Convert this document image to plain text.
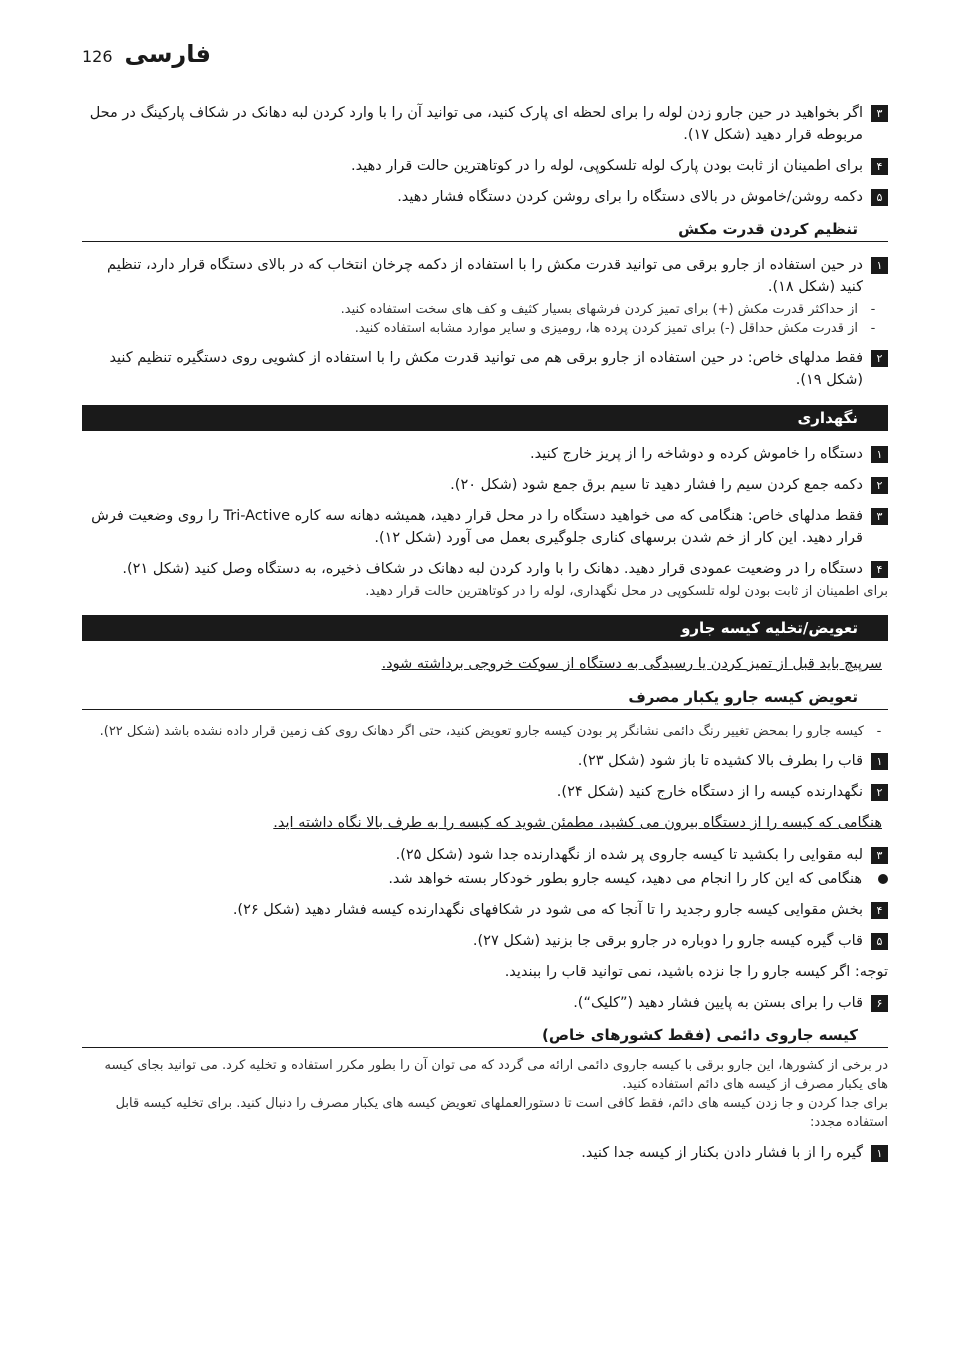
126 فارسی
۳
اگر بخواهید در حین جارو زدن لوله را برای لحظه ای پارک کنید، می توانید آن را با وارد کردن لبه دهانک در شکاف پارکینگ در محل مربوطه قرار دهید (شکل ۱۷).
۴
برای اطمینان از ثابت بودن پارک لوله تلسکوپی، لوله را در کوتاهترین حالت قرار دهید.
۵
دکمه روشن/خاموش در بالای دستگاه را برای روشن کردن دستگاه فشار دهید.
تنظیم کردن قدرت مکش
۱
در حین استفاده از جارو برقی می توانید قدرت مکش را با استفاده از دکمه چرخان انتخاب که در بالای دستگاه قرار دارد، تنظیم کنید (شکل ۱۸).
-
از حداکثر قدرت مکش (+) برای تمیز کردن فرشهای بسیار کثیف و کف های سخت استفاده کنید.
-
از قدرت مکش حداقل (-) برای تمیز کردن پرده ها، رومیزی و سایر موارد مشابه استفاده کنید.
۲
فقط مدلهای خاص: در حین استفاده از جارو برقی هم می توانید قدرت مکش را با استفاده از کشویی روی دستگیره تنظیم کنید (شکل ۱۹).
نگهداری
۱
دستگاه را خاموش کرده و دوشاخه را از پریز خارج کنید.
۲
دکمه جمع کردن سیم را فشار دهید تا سیم برق جمع شود (شکل ۲۰).
۳
فقط مدلهای خاص: هنگامی که می خواهید دستگاه را در محل قرار دهید، همیشه دهانه سه کاره Tri-Active را روی وضعیت فرش قرار دهید. این کار از خم شدن برسهای کناری جلوگیری بعمل می آورد (شکل ۱۲).
۴
دستگاه را در وضعیت عمودی قرار دهید. دهانک را با وارد کردن لبه دهانک در شکاف ذخیره، به دستگاه وصل کنید (شکل ۲۱).
برای اطمینان از ثابت بودن لوله تلسکوپی در محل نگهداری، لوله را در کوتاهترین حالت قرار دهید.
تعویض/تخلیه کیسه جارو
سرپیچ باید قبل از تمیز کردن یا رسیدگی به دستگاه از سوکت خروجی برداشته شود.
تعویض کیسه جارو یکبار مصرف
-
کیسه جارو را بمحض تغییر رنگ دائمی نشانگر پر بودن کیسه جارو تعویض کنید، حتی اگر دهانک روی کف زمین قرار داده نشده باشد (شکل ۲۲).
۱
قاب را بطرف بالا کشیده تا باز شود (شکل ۲۳).
۲
نگهدارنده کیسه را از دستگاه خارج کنید (شکل ۲۴).
هنگامی که کیسه را از دستگاه بیرون می کشید، مطمئن شوید که کیسه را به طرف بالا نگاه داشته اید.
۳
لبه مقوایی را بکشید تا کیسه جاروی پر شده از نگهدارنده جدا شود (شکل ۲۵).
هنگامی که این کار را انجام می دهید، کیسه جارو بطور خودکار بسته خواهد شد.
۴
بخش مقوایی کیسه جارو رجدید را تا آنجا که می شود در شکافهای نگهدارنده کیسه فشار دهید (شکل ۲۶).
۵
قاب گیره کیسه جارو را دوباره در جارو برقی جا بزنید (شکل ۲۷).
توجه: اگر کیسه جارو را جا نزده باشید، نمی توانید قاب را ببندید.
۶
قاب را برای بستن به پایین فشار دهید (”کلیک“).
کیسه جاروی دائمی (فقط کشورهای خاص)
در برخی از کشورها، این جارو برقی با کیسه جاروی دائمی ارائه می گردد که می توان آن را بطور مکرر استفاده و تخلیه کرد. می توانید بجای کیسه های یکبار مصرف از کیسه های دائم استفاده کنید.
برای جدا کردن و جا زدن کیسه های دائم، فقط کافی است تا دستورالعملهای تعویض کیسه های یکبار مصرف را دنبال کنید. برای تخلیه کیسه قابل استفاده مجدد:
۱
گیره را از با فشار دادن بکنار از کیسه جدا کنید.
